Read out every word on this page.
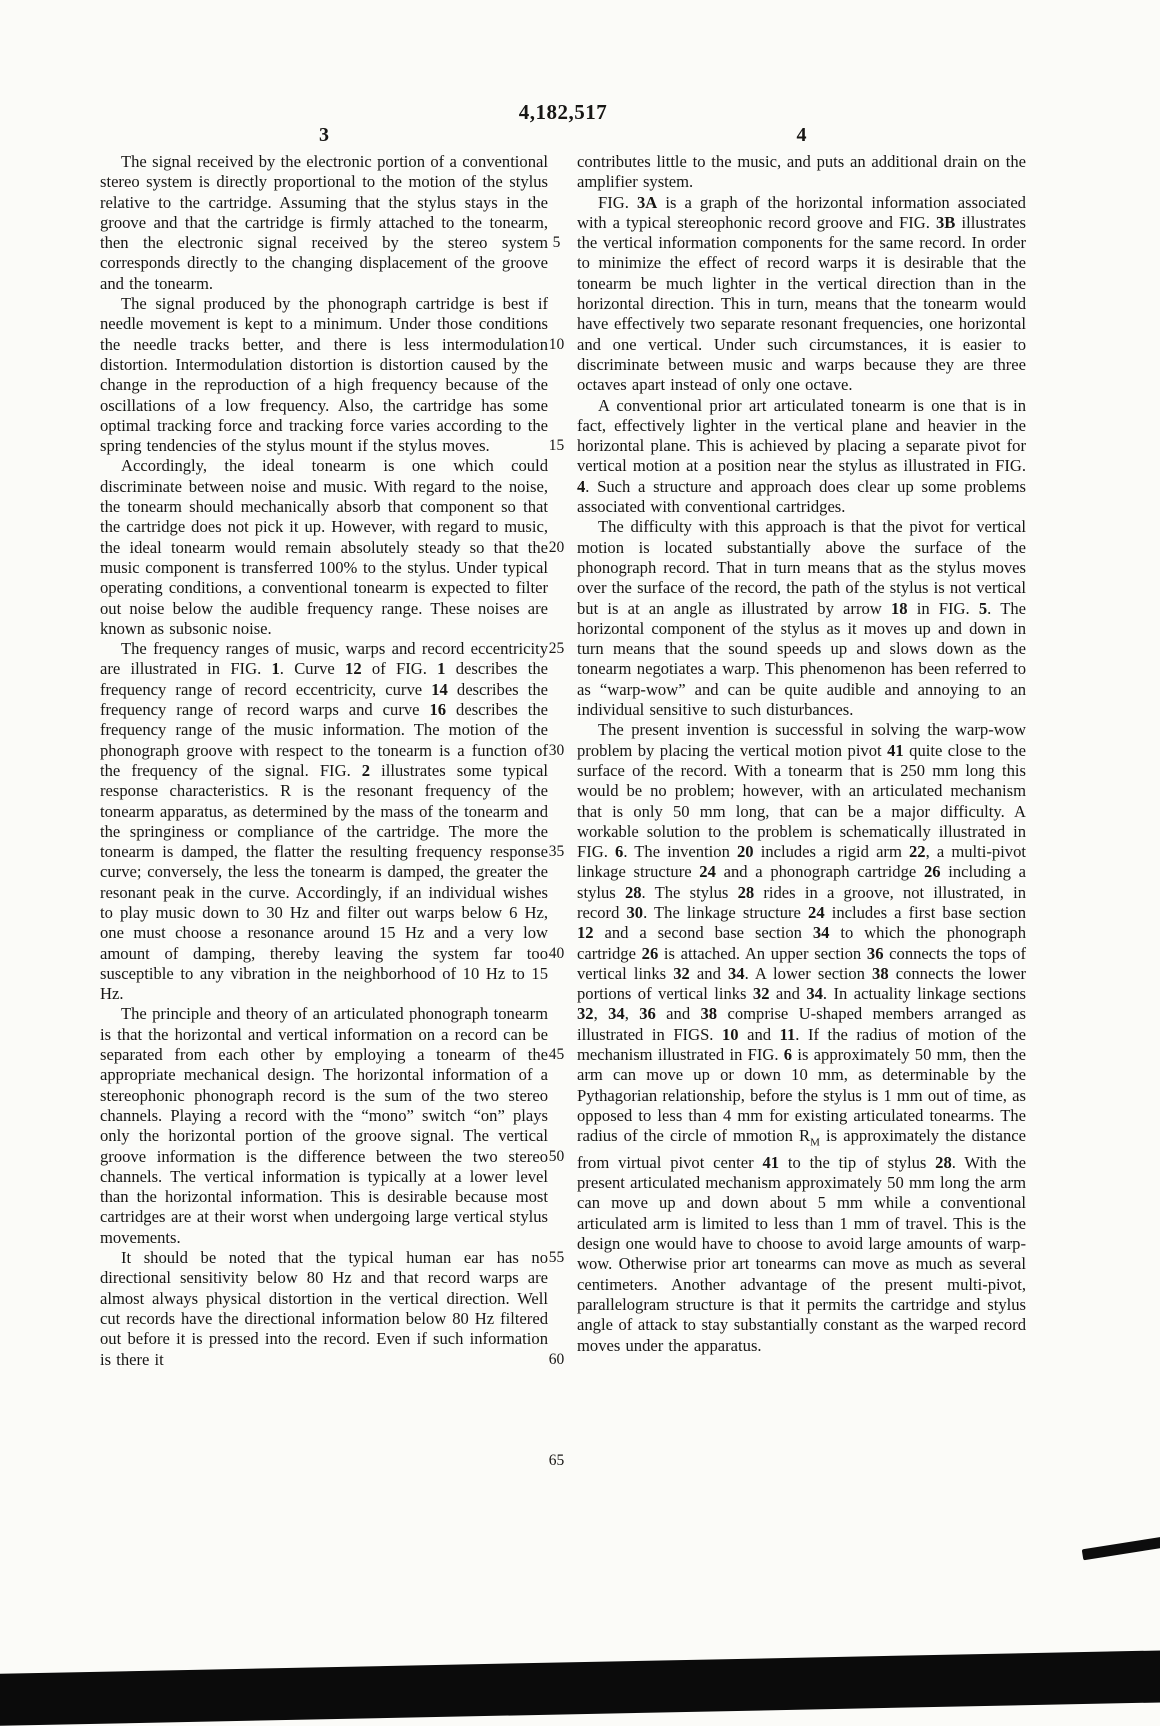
4,182,517
3	4

The signal received by the electronic portion of a conventional stereo system is directly proportional to the motion of the stylus relative to the cartridge. Assuming that the stylus stays in the groove and that the cartridge is firmly attached to the tonearm, then the electronic signal received by the stereo system corresponds directly to the changing displacement of the groove and the tonearm.

The signal produced by the phonograph cartridge is best if needle movement is kept to a minimum. Under those conditions the needle tracks better, and there is less intermodulation distortion. Intermodulation distortion is distortion caused by the change in the reproduction of a high frequency because of the oscillations of a low frequency. Also, the cartridge has some optimal tracking force and tracking force varies according to the spring tendencies of the stylus mount if the stylus moves.

Accordingly, the ideal tonearm is one which could discriminate between noise and music. With regard to the noise, the tonearm should mechanically absorb that component so that the cartridge does not pick it up. However, with regard to music, the ideal tonearm would remain absolutely steady so that the music component is transferred 100% to the stylus. Under typical operating conditions, a conventional tonearm is expected to filter out noise below the audible frequency range. These noises are known as subsonic noise.

The frequency ranges of music, warps and record eccentricity are illustrated in FIG. 1. Curve 12 of FIG. 1 describes the frequency range of record eccentricity, curve 14 describes the frequency range of record warps and curve 16 describes the frequency range of the music information. The motion of the phonograph groove with respect to the tonearm is a function of the frequency of the signal. FIG. 2 illustrates some typical response characteristics. R is the resonant frequency of the tonearm apparatus, as determined by the mass of the tonearm and the springiness or compliance of the cartridge. The more the tonearm is damped, the flatter the resulting frequency response curve; conversely, the less the tonearm is damped, the greater the resonant peak in the curve. Accordingly, if an individual wishes to play music down to 30 Hz and filter out warps below 6 Hz, one must choose a resonance around 15 Hz and a very low amount of damping, thereby leaving the system far too susceptible to any vibration in the neighborhood of 10 Hz to 15 Hz.

The principle and theory of an articulated phonograph tonearm is that the horizontal and vertical information on a record can be separated from each other by employing a tonearm of the appropriate mechanical design. The horizontal information of a stereophonic phonograph record is the sum of the two stereo channels. Playing a record with the “mono” switch “on” plays only the horizontal portion of the groove signal. The vertical groove information is the difference between the two stereo channels. The vertical information is typically at a lower level than the horizontal information. This is desirable because most cartridges are at their worst when undergoing large vertical stylus movements.

It should be noted that the typical human ear has no directional sensitivity below 80 Hz and that record warps are almost always physical distortion in the vertical direction. Well cut records have the directional information below 80 Hz filtered out before it is pressed into the record. Even if such information is there it

contributes little to the music, and puts an additional drain on the amplifier system.

FIG. 3A is a graph of the horizontal information associated with a typical stereophonic record groove and FIG. 3B illustrates the vertical information components for the same record. In order to minimize the effect of record warps it is desirable that the tonearm be much lighter in the vertical direction than in the horizontal direction. This in turn, means that the tonearm would have effectively two separate resonant frequencies, one horizontal and one vertical. Under such circumstances, it is easier to discriminate between music and warps because they are three octaves apart instead of only one octave.

A conventional prior art articulated tonearm is one that is in fact, effectively lighter in the vertical plane and heavier in the horizontal plane. This is achieved by placing a separate pivot for vertical motion at a position near the stylus as illustrated in FIG. 4. Such a structure and approach does clear up some problems associated with conventional cartridges.

The difficulty with this approach is that the pivot for vertical motion is located substantially above the surface of the phonograph record. That in turn means that as the stylus moves over the surface of the record, the path of the stylus is not vertical but is at an angle as illustrated by arrow 18 in FIG. 5. The horizontal component of the stylus as it moves up and down in turn means that the sound speeds up and slows down as the tonearm negotiates a warp. This phenomenon has been referred to as “warp-wow” and can be quite audible and annoying to an individual sensitive to such disturbances.

The present invention is successful in solving the warp-wow problem by placing the vertical motion pivot 41 quite close to the surface of the record. With a tonearm that is 250 mm long this would be no problem; however, with an articulated mechanism that is only 50 mm long, that can be a major difficulty. A workable solution to the problem is schematically illustrated in FIG. 6. The invention 20 includes a rigid arm 22, a multi-pivot linkage structure 24 and a phonograph cartridge 26 including a stylus 28. The stylus 28 rides in a groove, not illustrated, in record 30. The linkage structure 24 includes a first base section 12 and a second base section 34 to which the phonograph cartridge 26 is attached. An upper section 36 connects the tops of vertical links 32 and 34. A lower section 38 connects the lower portions of vertical links 32 and 34. In actuality linkage sections 32, 34, 36 and 38 comprise U-shaped members arranged as illustrated in FIGS. 10 and 11. If the radius of motion of the mechanism illustrated in FIG. 6 is approximately 50 mm, then the arm can move up or down 10 mm, as determinable by the Pythagorian relationship, before the stylus is 1 mm out of time, as opposed to less than 4 mm for existing articulated tonearms. The radius of the circle of mmotion $R_M$ is approximately the distance from virtual pivot center 41 to the tip of stylus 28. With the present articulated mechanism approximately 50 mm long the arm can move up and down about 5 mm while a conventional articulated arm is limited to less than 1 mm of travel. This is the design one would have to choose to avoid large amounts of warp-wow. Otherwise prior art tonearms can move as much as several centimeters. Another advantage of the present multi-pivot, parallelogram structure is that it permits the cartridge and stylus angle of attack to stay substantially constant as the warped record moves under the apparatus.

5
10
15
20
25
30
35
40
45
50
55
60
65
